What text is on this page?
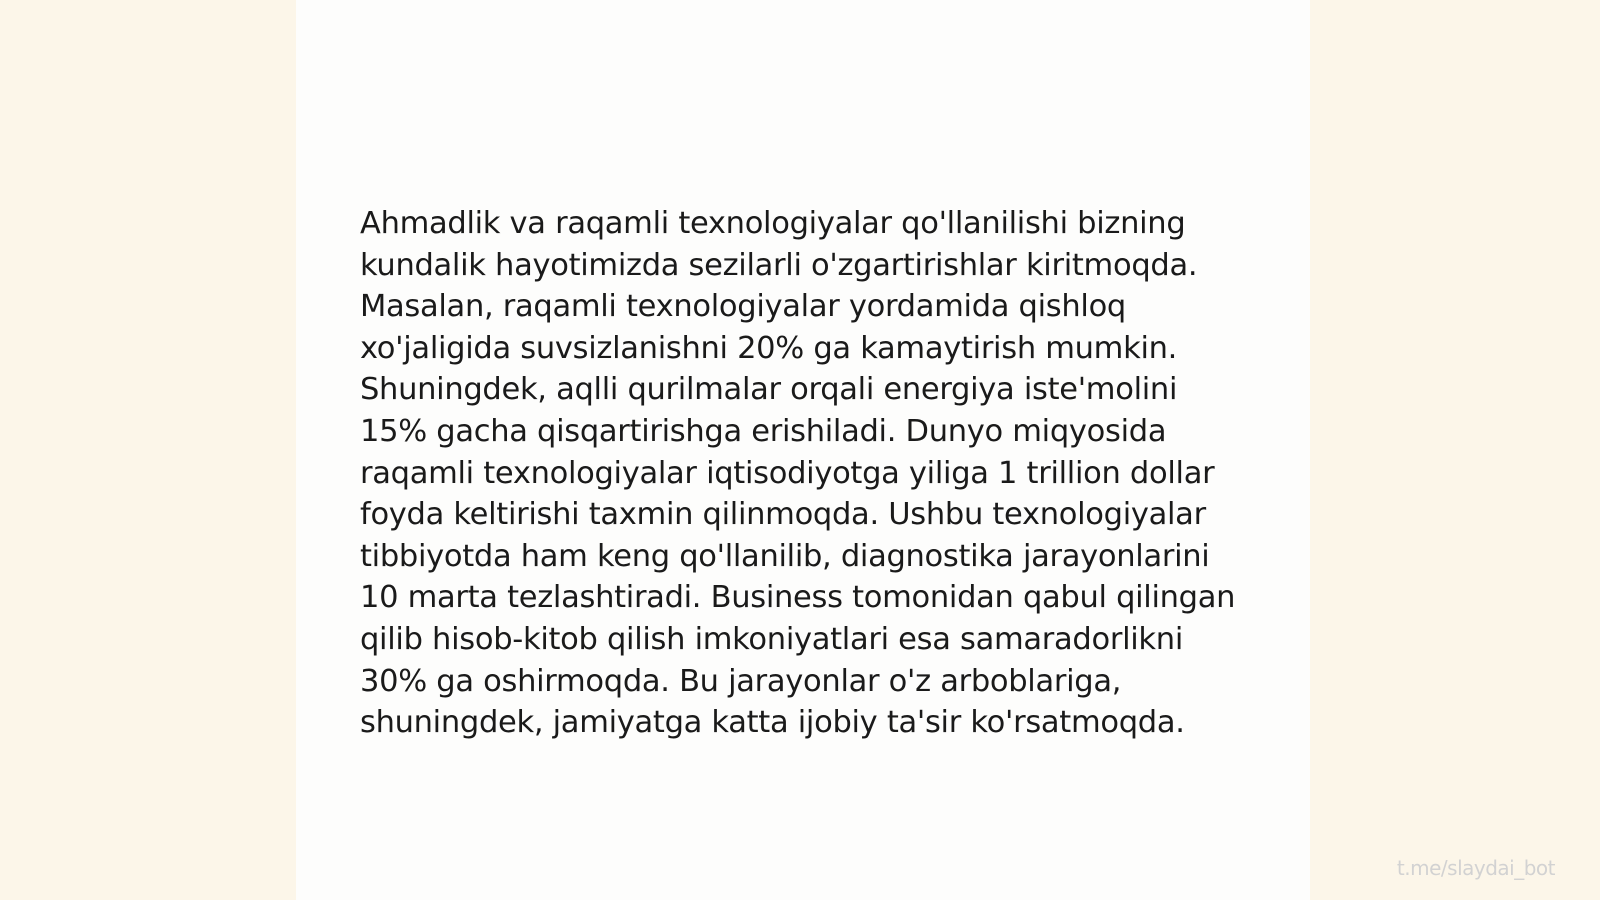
Ahmadlik va raqamli texnologiyalar qo'llanilishi bizning kundalik hayotimizda sezilarli o'zgartirishlar kiritmoqda. Masalan, raqamli texnologiyalar yordamida qishloq xo'jaligida suvsizlanishni 20% ga kamaytirish mumkin. Shuningdek, aqlli qurilmalar orqali energiya iste'molini 15% gacha qisqartirishga erishiladi. Dunyo miqyosida raqamli texnologiyalar iqtisodiyotga yiliga 1 trillion dollar foyda keltirishi taxmin qilinmoqda. Ushbu texnologiyalar tibbiyotda ham keng qo'llanilib, diagnostika jarayonlarini 10 marta tezlashtiradi. Business tomonidan qabul qilingan qilib hisob-kitob qilish imkoniyatlari esa samaradorlikni 30% ga oshirmoqda. Bu jarayonlar o'z arboblariga, shuningdek, jamiyatga katta ijobiy ta'sir ko'rsatmoqda.

t.me/slaydai_bot
